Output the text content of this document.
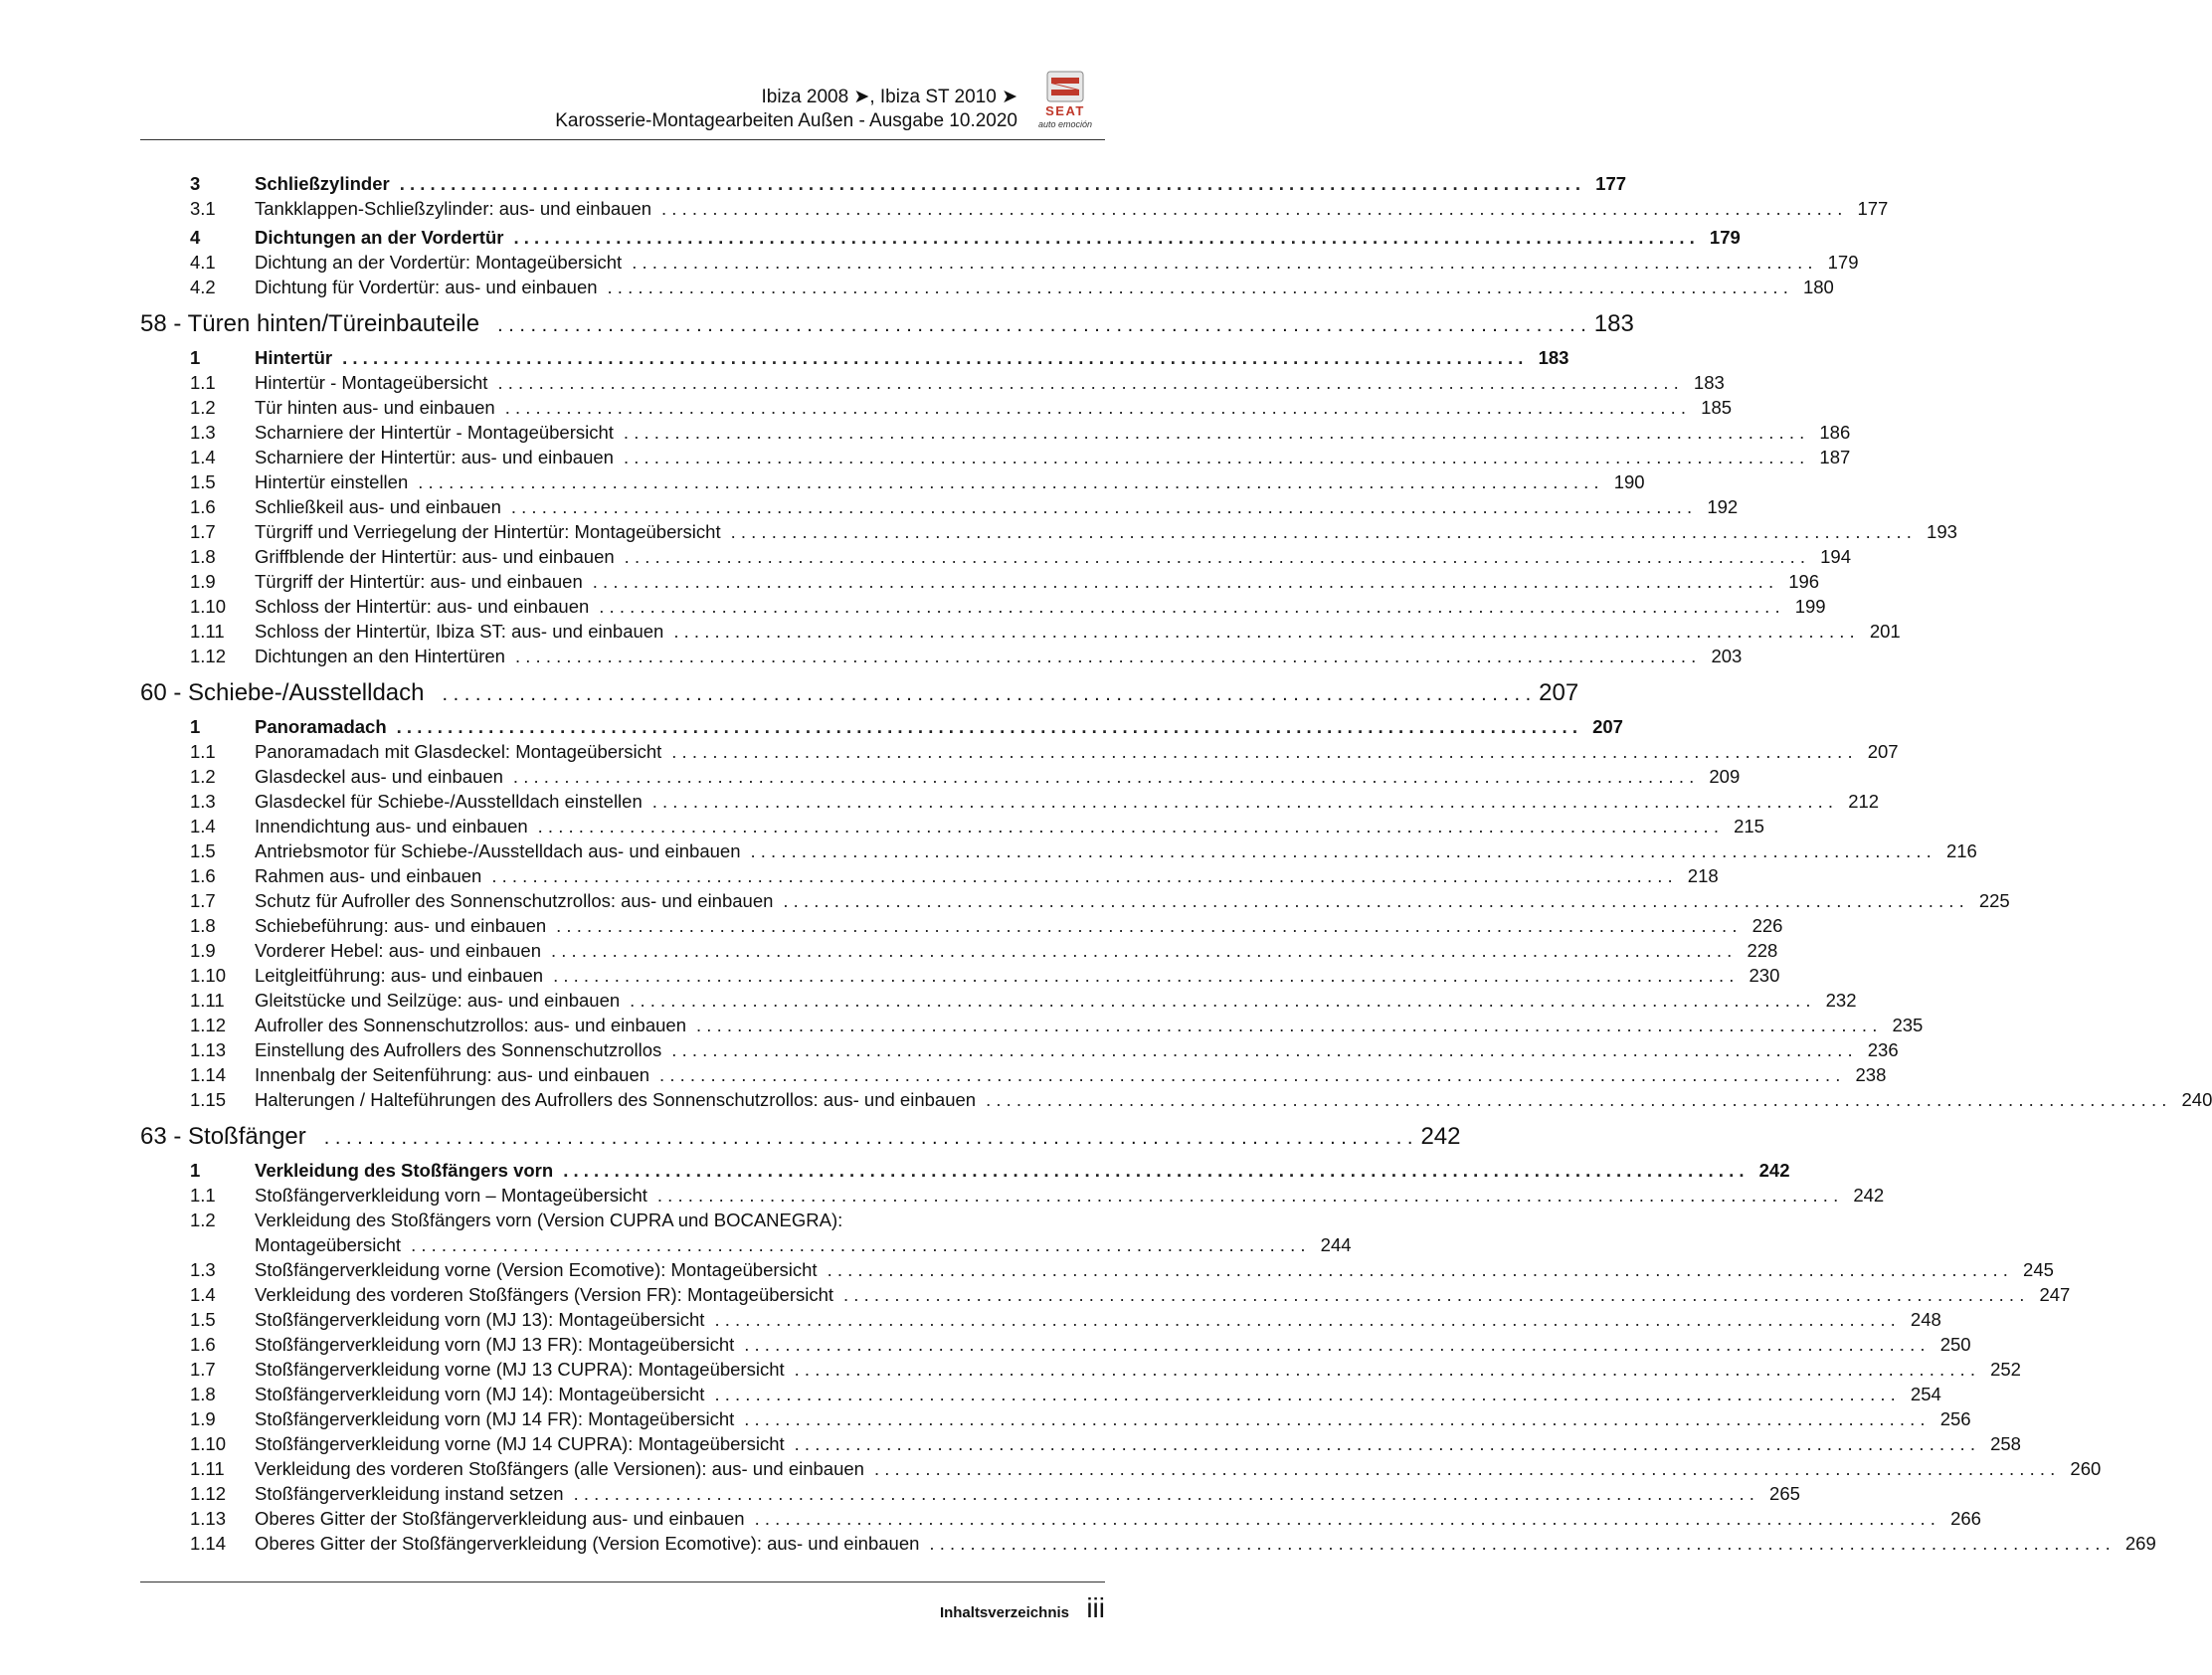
Ibiza 2008 ➤, Ibiza ST 2010 ➤
Karosserie-Montagearbeiten Außen - Ausgabe 10.2020 SEAT
auto emoción
3	Schließzylinder . . .	177
3.1	Tankklappen-Schließzylinder: aus- und einbauen . . .	177
4	Dichtungen an der Vordertür . . .	179
4.1	Dichtung an der Vordertür: Montageübersicht . . .	179
4.2	Dichtung für Vordertür: aus- und einbauen . . .	180
58 - Türen hinten/Türeinbauteile . . .	183
1	Hintertür . . .	183
1.1	Hintertür - Montageübersicht . . .	183
1.2	Tür hinten aus- und einbauen . . .	185
1.3	Scharniere der Hintertür - Montageübersicht . . .	186
1.4	Scharniere der Hintertür: aus- und einbauen . . .	187
1.5	Hintertür einstellen . . .	190
1.6	Schließkeil aus- und einbauen . . .	192
1.7	Türgriff und Verriegelung der Hintertür: Montageübersicht . . .	193
1.8	Griffblende der Hintertür: aus- und einbauen . . .	194
1.9	Türgriff der Hintertür: aus- und einbauen . . .	196
1.10	Schloss der Hintertür: aus- und einbauen . . .	199
1.11	Schloss der Hintertür, Ibiza ST: aus- und einbauen . . .	201
1.12	Dichtungen an den Hintertüren . . .	203
60 - Schiebe-/Ausstelldach . . .	207
1	Panoramadach . . .	207
1.1	Panoramadach mit Glasdeckel: Montageübersicht . . .	207
1.2	Glasdeckel aus- und einbauen . . .	209
1.3	Glasdeckel für Schiebe-/Ausstelldach einstellen . . .	212
1.4	Innendichtung aus- und einbauen . . .	215
1.5	Antriebsmotor für Schiebe-/Ausstelldach aus- und einbauen . . .	216
1.6	Rahmen aus- und einbauen . . .	218
1.7	Schutz für Aufroller des Sonnenschutzrollos: aus- und einbauen . . .	225
1.8	Schiebeführung: aus- und einbauen . . .	226
1.9	Vorderer Hebel: aus- und einbauen . . .	228
1.10	Leitgleitführung: aus- und einbauen . . .	230
1.11	Gleitstücke und Seilzüge: aus- und einbauen . . .	232
1.12	Aufroller des Sonnenschutzrollos: aus- und einbauen . . .	235
1.13	Einstellung des Aufrollers des Sonnenschutzrollos . . .	236
1.14	Innenbalg der Seitenführung: aus- und einbauen . . .	238
1.15	Halterungen / Halteführungen des Aufrollers des Sonnenschutzrollos: aus- und einbauen . . .	240
63 - Stoßfänger . . .	242
1	Verkleidung des Stoßfängers vorn . . .	242
1.1	Stoßfängerverkleidung vorn – Montageübersicht . . .	242
1.2	Verkleidung des Stoßfängers vorn (Version CUPRA und BOCANEGRA):
Montageübersicht . . .	244
1.3	Stoßfängerverkleidung vorne (Version Ecomotive): Montageübersicht . . .	245
1.4	Verkleidung des vorderen Stoßfängers (Version FR): Montageübersicht . . .	247
1.5	Stoßfängerverkleidung vorn (MJ 13): Montageübersicht . . .	248
1.6	Stoßfängerverkleidung vorn (MJ 13 FR): Montageübersicht . . .	250
1.7	Stoßfängerverkleidung vorne (MJ 13 CUPRA): Montageübersicht . . .	252
1.8	Stoßfängerverkleidung vorn (MJ 14): Montageübersicht . . .	254
1.9	Stoßfängerverkleidung vorn (MJ 14 FR): Montageübersicht . . .	256
1.10	Stoßfängerverkleidung vorne (MJ 14 CUPRA): Montageübersicht . . .	258
1.11	Verkleidung des vorderen Stoßfängers (alle Versionen): aus- und einbauen . . .	260
1.12	Stoßfängerverkleidung instand setzen . . .	265
1.13	Oberes Gitter der Stoßfängerverkleidung aus- und einbauen . . .	266
1.14	Oberes Gitter der Stoßfängerverkleidung (Version Ecomotive): aus- und einbauen . . .	269
Inhaltsverzeichnis iii
